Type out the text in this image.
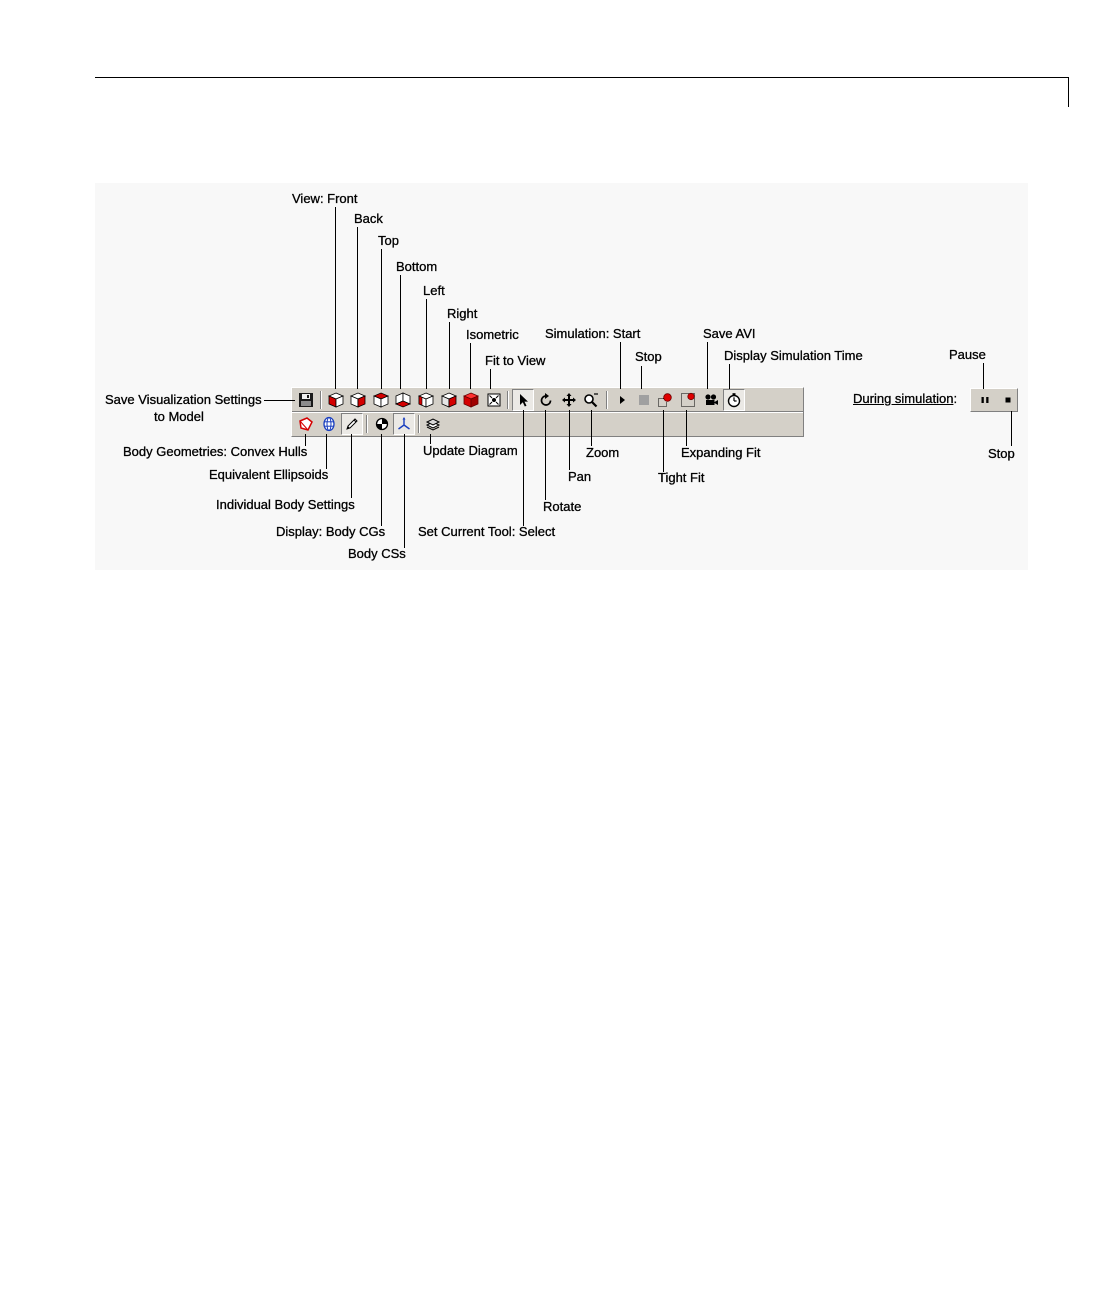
View: Front
Back
Top
Bottom
Left
Right
Isometric
Fit to View
Simulation: Start
Stop
Save AVI
Display Simulation Time	Pause
During simulation:
Stop
Save Visualization Settings
to Model
Body Geometries: Convex Hulls
Equivalent Ellipsoids
Individual Body Settings
Display: Body CGs
Body CSs
Update Diagram
Set Current Tool: Select
Rotate
Pan
Zoom
Tight Fit
Expanding Fit
